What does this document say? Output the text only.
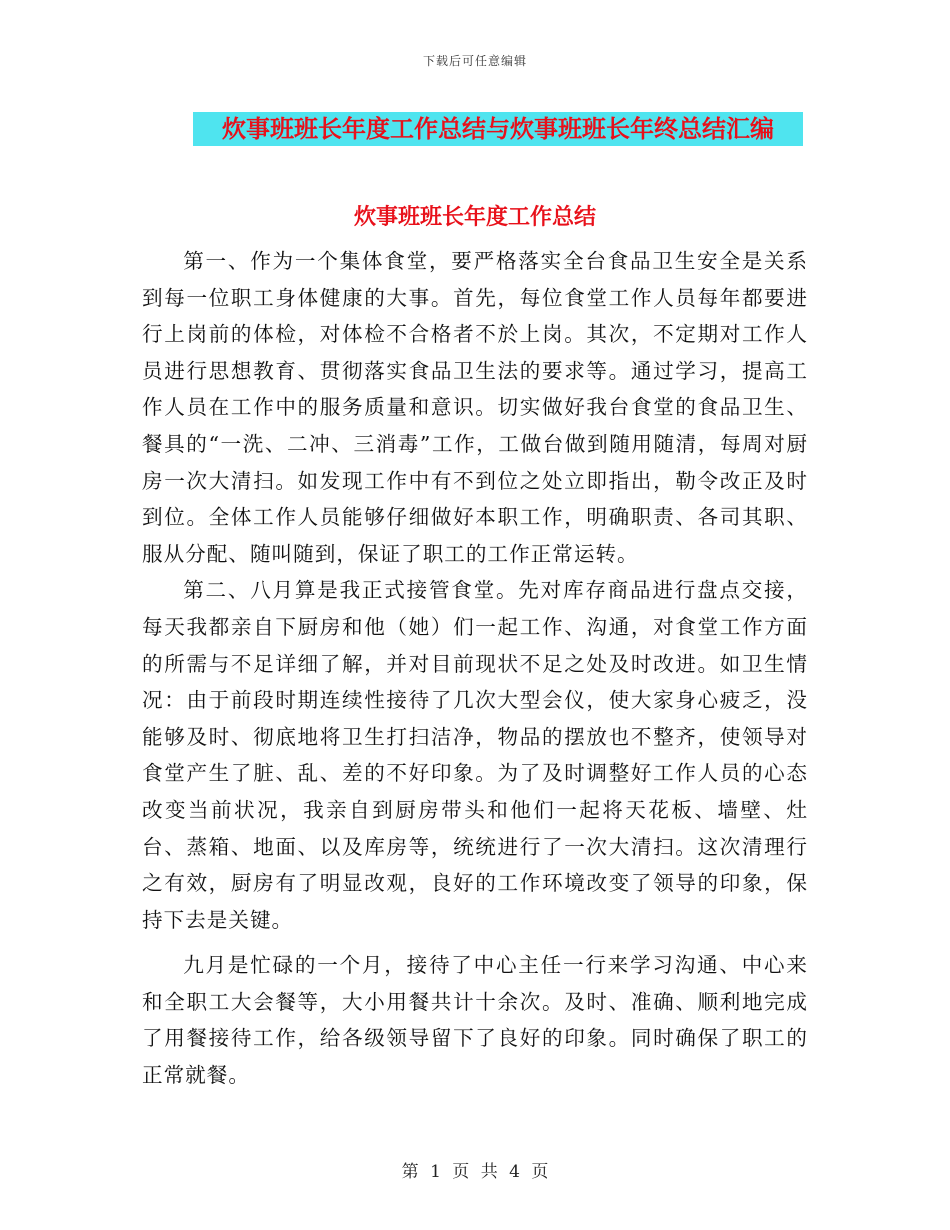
下载后可任意编辑
炊事班班长年度工作总结与炊事班班长年终总结汇编
炊事班班长年度工作总结

第一、作为一个集体食堂，要严格落实全台食品卫生安全是关系到每一位职工身体健康的大事。首先，每位食堂工作人员每年都要进行上岗前的体检，对体检不合格者不於上岗。其次，不定期对工作人员进行思想教育、贯彻落实食品卫生法的要求等。通过学习，提高工作人员在工作中的服务质量和意识。切实做好我台食堂的食品卫生、餐具的“一洗、二冲、三消毒”工作，工做台做到随用随清，每周对厨房一次大清扫。如发现工作中有不到位之处立即指出，勒令改正及时到位。全体工作人员能够仔细做好本职工作，明确职责、各司其职、服从分配、随叫随到，保证了职工的工作正常运转。

第二、八月算是我正式接管食堂。先对库存商品进行盘点交接，每天我都亲自下厨房和他（她）们一起工作、沟通，对食堂工作方面的所需与不足详细了解，并对目前现状不足之处及时改进。如卫生情况：由于前段时期连续性接待了几次大型会仪，使大家身心疲乏，没能够及时、彻底地将卫生打扫洁净，物品的摆放也不整齐，使领导对食堂产生了脏、乱、差的不好印象。为了及时调整好工作人员的心态改变当前状况，我亲自到厨房带头和他们一起将天花板、墙壁、灶台、蒸箱、地面、以及库房等，统统进行了一次大清扫。这次清理行之有效，厨房有了明显改观，良好的工作环境改变了领导的印象，保持下去是关键。

九月是忙碌的一个月，接待了中心主任一行来学习沟通、中心来和全职工大会餐等，大小用餐共计十余次。及时、准确、顺利地完成了用餐接待工作，给各级领导留下了良好的印象。同时确保了职工的正常就餐。

第 1 页 共 4 页
